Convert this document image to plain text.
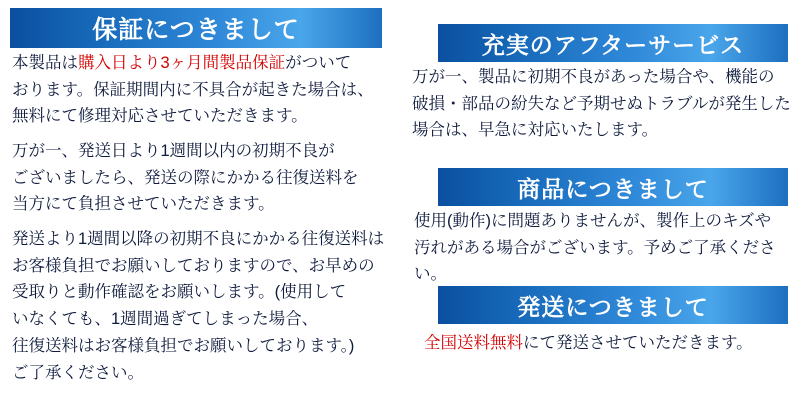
保証につきまして
本製品は購入日より3ヶ月間製品保証がついて
おります。保証期間内に不具合が起きた場合は、
無料にて修理対応させていただきます。
万が一、発送日より1週間以内の初期不良が
ございましたら、発送の際にかかる往復送料を
当方にて負担させていただきます。
発送より1週間以降の初期不良にかかる往復送料は
お客様負担でお願いしておりますので、お早めの
受取りと動作確認をお願いします。(使用して
いなくても、1週間過ぎてしまった場合、
往復送料はお客様負担でお願いしております。)
ご了承ください。
充実のアフターサービス
万が一、製品に初期不良があった場合や、機能の
破損・部品の紛失など予期せぬトラブルが発生した
場合は、早急に対応いたします。
商品につきまして
使用(動作)に問題ありませんが、製作上のキズや
汚れがある場合がございます。予めご了承ください。
発送につきまして
全国送料無料にて発送させていただきます。
